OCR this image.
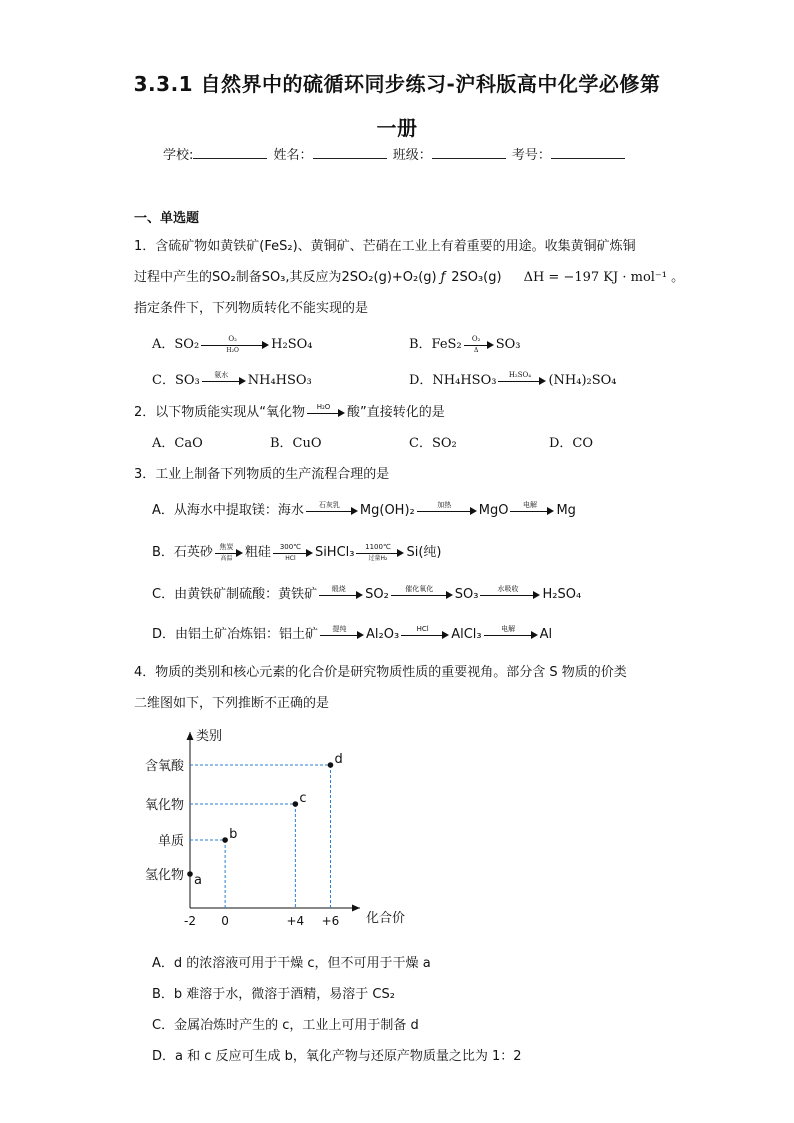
3.3.1 自然界中的硫循环同步练习-沪科版高中化学必修第
一册
学校:	姓名：	班级：	考号：
一、单选题
1．含硫矿物如黄铁矿(FeS₂)、黄铜矿、芒硝在工业上有着重要的用途。收集黄铜矿炼铜
过程中产生的SO₂制备SO₃,其反应为2SO₂(g)+O₂(g) ƒ 2SO₃(g) ΔH = −197 KJ · mol⁻¹ 。
指定条件下，下列物质转化不能实现的是
A．$SO_2 \frac{\text{O₂}}{\text{H₂O}} H_2SO_4$	B．$FeS_2 \frac{\text{O₂}}{\Delta} SO_3$
C．SO₃	氨水	NH₄HSO₃	D．NH₄HSO₃	H₂SO₄	(NH₄)₂SO₄
2．以下物质能实现从“氧化物	H₂O	酸”直接转化的是
A．CaO	B．CuO	C．SO₂	D．CO
3．工业上制备下列物质的生产流程合理的是
A．从海水中提取镁：海水	石灰乳	Mg(OH)₂	加热	MgO	电解	Mg
B．石英砂 焦炭
高温 粗硅	300℃
HCl	SiHCl₃	1100℃
过量H₂	Si(纯)
C．由黄铁矿制硫酸：黄铁矿	煅烧	SO₂	催化氧化	SO₃	水吸收	H₂SO₄
D．由铝土矿冶炼铝：铝土矿	提纯	Al₂O₃	HCl	AlCl₃	电解	Al
4．物质的类别和核心元素的化合价是研究物质性质的重要视角。部分含 S 物质的价类
二维图如下，下列推断不正确的是
类别
化合价
-2 0	+4 +6
氢化物
单质
氧化物
含氧酸
a
b
c
d
A．d 的浓溶液可用于干燥 c，但不可用于干燥 a
B．b 难溶于水，微溶于酒精，易溶于 CS₂
C．金属冶炼时产生的 c，工业上可用于制备 d
D．a 和 c 反应可生成 b，氧化产物与还原产物质量之比为 1：2
